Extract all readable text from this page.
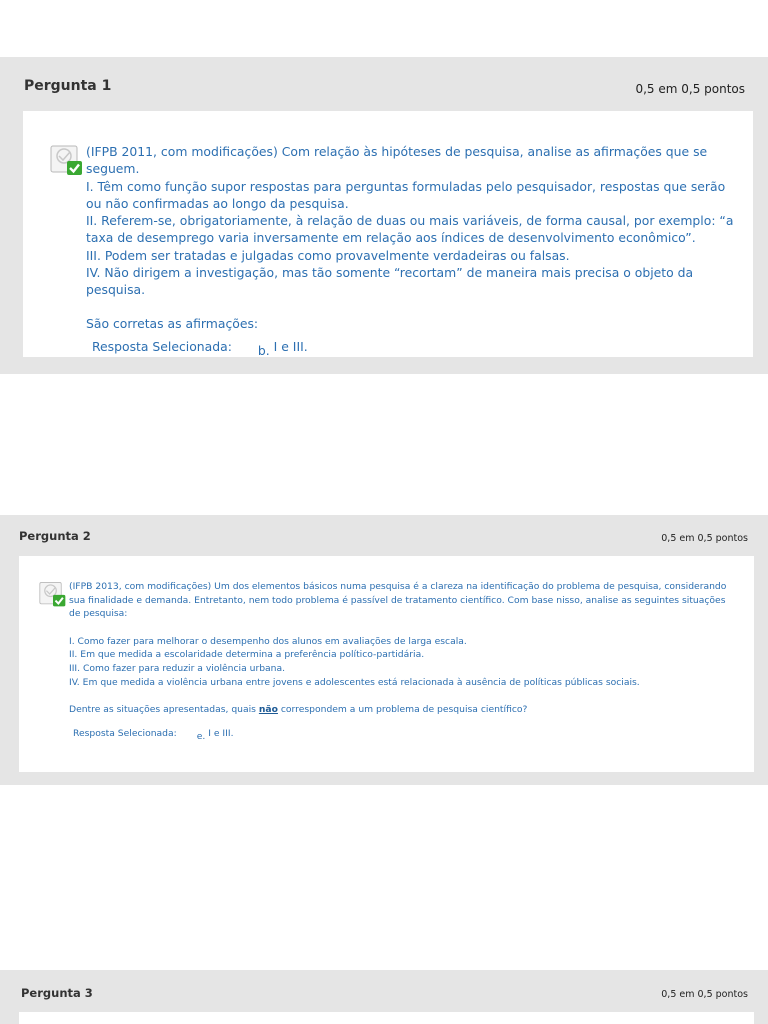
Pergunta 1	0,5 em 0,5 pontos

(IFPB 2011, com modificações) Com relação às hipóteses de pesquisa, analise as afirmações que se seguem.

I. Têm como função supor respostas para perguntas formuladas pelo pesquisador, respostas que serão ou não confirmadas ao longo da pesquisa.

II. Referem-se, obrigatoriamente, à relação de duas ou mais variáveis, de forma causal, por exemplo: “a taxa de desemprego varia inversamente em relação aos índices de desenvolvimento econômico”.

III. Podem ser tratadas e julgadas como provavelmente verdadeiras ou falsas.

IV. Não dirigem a investigação, mas tão somente “recortam” de maneira mais precisa o objeto da pesquisa.

São corretas as afirmações:

Resposta Selecionada: b. I e III.
Pergunta 2	0,5 em 0,5 pontos

(IFPB 2013, com modificações) Um dos elementos básicos numa pesquisa é a clareza na identificação do problema de pesquisa, considerando sua finalidade e demanda. Entretanto, nem todo problema é passível de tratamento científico. Com base nisso, analise as seguintes situações de pesquisa:

I. Como fazer para melhorar o desempenho dos alunos em avaliações de larga escala.

II. Em que medida a escolaridade determina a preferência político-partidária.

III. Como fazer para reduzir a violência urbana.

IV. Em que medida a violência urbana entre jovens e adolescentes está relacionada à ausência de políticas públicas sociais.

Dentre as situações apresentadas, quais não correspondem a um problema de pesquisa científico?

Resposta Selecionada: e. I e III.
Pergunta 3	0,5 em 0,5 pontos
